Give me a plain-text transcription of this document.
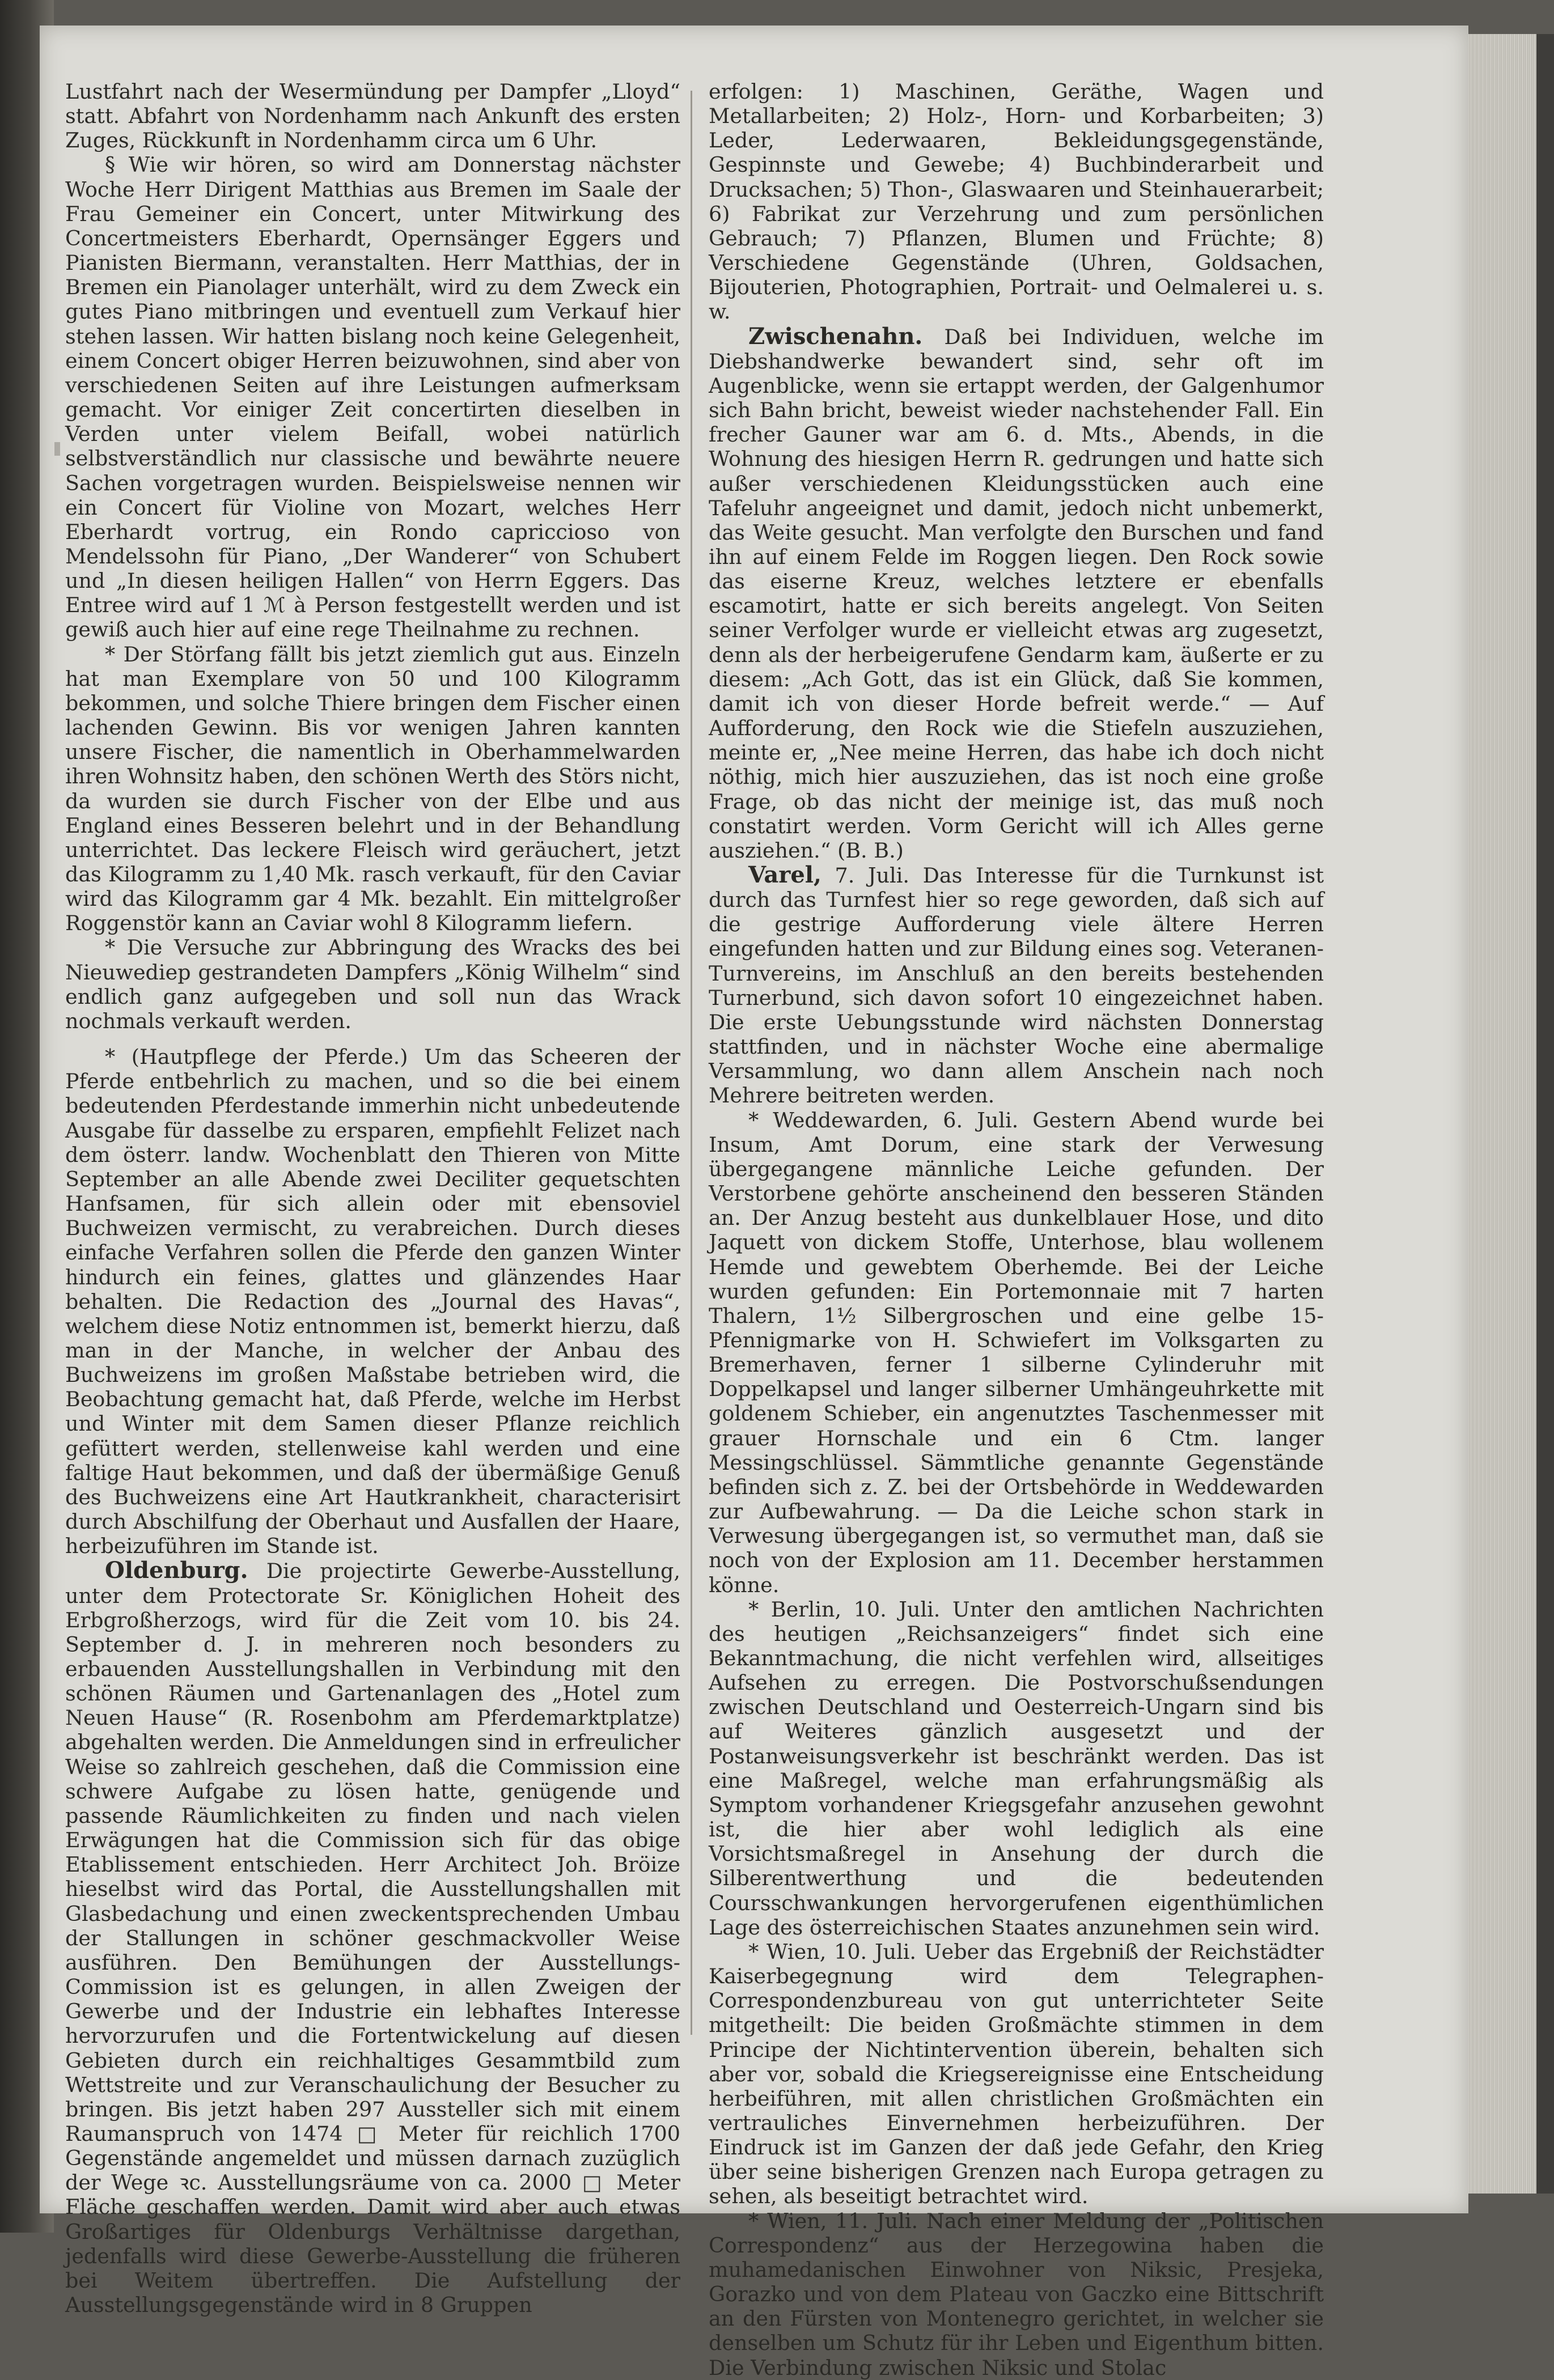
Lustfahrt nach der Wesermündung per Dampfer „Lloyd“ statt. Abfahrt von Nordenhamm nach Ankunft des ersten Zuges, Rückkunft in Nordenhamm circa um 6 Uhr.

§ Wie wir hören, so wird am Donnerstag nächster Woche Herr Dirigent Matthias aus Bremen im Saale der Frau Gemeiner ein Concert, unter Mitwirkung des Concertmeisters Eberhardt, Opernsänger Eggers und Pianisten Biermann, veranstalten. Herr Matthias, der in Bremen ein Pianolager unterhält, wird zu dem Zweck ein gutes Piano mitbringen und eventuell zum Verkauf hier stehen lassen. Wir hatten bislang noch keine Gelegenheit, einem Concert obiger Herren beizuwohnen, sind aber von verschiedenen Seiten auf ihre Leistungen aufmerksam gemacht. Vor einiger Zeit concertirten dieselben in Verden unter vielem Beifall, wobei natürlich selbstverständlich nur classische und bewährte neuere Sachen vorgetragen wurden. Beispielsweise nennen wir ein Concert für Violine von Mozart, welches Herr Eberhardt vortrug, ein Rondo capriccioso von Mendelssohn für Piano, „Der Wanderer“ von Schubert und „In diesen heiligen Hallen“ von Herrn Eggers. Das Entree wird auf 1 ℳ à Person festgestellt werden und ist gewiß auch hier auf eine rege Theilnahme zu rechnen.

* Der Störfang fällt bis jetzt ziemlich gut aus. Einzeln hat man Exemplare von 50 und 100 Kilogramm bekommen, und solche Thiere bringen dem Fischer einen lachenden Gewinn. Bis vor wenigen Jahren kannten unsere Fischer, die namentlich in Oberhammelwarden ihren Wohnsitz haben, den schönen Werth des Störs nicht, da wurden sie durch Fischer von der Elbe und aus England eines Besseren belehrt und in der Behandlung unterrichtet. Das leckere Fleisch wird geräuchert, jetzt das Kilogramm zu 1,40 Mk. rasch verkauft, für den Caviar wird das Kilogramm gar 4 Mk. bezahlt. Ein mittelgroßer Roggenstör kann an Caviar wohl 8 Kilogramm liefern.

* Die Versuche zur Abbringung des Wracks des bei Nieuwediep gestrandeten Dampfers „König Wilhelm“ sind endlich ganz aufgegeben und soll nun das Wrack nochmals verkauft werden.

* (Hautpflege der Pferde.) Um das Scheeren der Pferde entbehrlich zu machen, und so die bei einem bedeutenden Pferdestande immerhin nicht unbedeutende Ausgabe für dasselbe zu ersparen, empfiehlt Felizet nach dem österr. landw. Wochenblatt den Thieren von Mitte September an alle Abende zwei Deciliter gequetschten Hanfsamen, für sich allein oder mit ebensoviel Buchweizen vermischt, zu verabreichen. Durch dieses einfache Verfahren sollen die Pferde den ganzen Winter hindurch ein feines, glattes und glänzendes Haar behalten. Die Redaction des „Journal des Havas“, welchem diese Notiz entnommen ist, bemerkt hierzu, daß man in der Manche, in welcher der Anbau des Buchweizens im großen Maßstabe betrieben wird, die Beobachtung gemacht hat, daß Pferde, welche im Herbst und Winter mit dem Samen dieser Pflanze reichlich gefüttert werden, stellenweise kahl werden und eine faltige Haut bekommen, und daß der übermäßige Genuß des Buchweizens eine Art Hautkrankheit, characterisirt durch Abschilfung der Oberhaut und Ausfallen der Haare, herbeizuführen im Stande ist.

Oldenburg. Die projectirte Gewerbe-Ausstellung, unter dem Protectorate Sr. Königlichen Hoheit des Erbgroßherzogs, wird für die Zeit vom 10. bis 24. September d. J. in mehreren noch besonders zu erbauenden Ausstellungshallen in Verbindung mit den schönen Räumen und Gartenanlagen des „Hotel zum Neuen Hause“ (R. Rosenbohm am Pferdemarktplatze) abgehalten werden. Die Anmeldungen sind in erfreulicher Weise so zahlreich geschehen, daß die Commission eine schwere Aufgabe zu lösen hatte, genügende und passende Räumlichkeiten zu finden und nach vielen Erwägungen hat die Commission sich für das obige Etablissement entschieden. Herr Architect Joh. Bröize hieselbst wird das Portal, die Ausstellungshallen mit Glasbedachung und einen zweckentsprechenden Umbau der Stallungen in schöner geschmackvoller Weise ausführen. Den Bemühungen der Ausstellungs-Commission ist es gelungen, in allen Zweigen der Gewerbe und der Industrie ein lebhaftes Interesse hervorzurufen und die Fortentwickelung auf diesen Gebieten durch ein reichhaltiges Gesammtbild zum Wettstreite und zur Veranschaulichung der Besucher zu bringen. Bis jetzt haben 297 Aussteller sich mit einem Raumanspruch von 1474 □ Meter für reichlich 1700 Gegenstände angemeldet und müssen darnach zuzüglich der Wege ꝛc. Ausstellungsräume von ca. 2000 □ Meter Fläche geschaffen werden. Damit wird aber auch etwas Großartiges für Oldenburgs Verhältnisse dargethan, jedenfalls wird diese Gewerbe-Ausstellung die früheren bei Weitem übertreffen. Die Aufstellung der Ausstellungsgegenstände wird in 8 Gruppen

erfolgen: 1) Maschinen, Geräthe, Wagen und Metallarbeiten; 2) Holz-, Horn- und Korbarbeiten; 3) Leder, Lederwaaren, Bekleidungsgegenstände, Gespinnste und Gewebe; 4) Buchbinderarbeit und Drucksachen; 5) Thon-, Glaswaaren und Steinhauerarbeit; 6) Fabrikat zur Verzehrung und zum persönlichen Gebrauch; 7) Pflanzen, Blumen und Früchte; 8) Verschiedene Gegenstände (Uhren, Goldsachen, Bijouterien, Photographien, Portrait- und Oelmalerei u. s. w.

Zwischenahn. Daß bei Individuen, welche im Diebshandwerke bewandert sind, sehr oft im Augenblicke, wenn sie ertappt werden, der Galgenhumor sich Bahn bricht, beweist wieder nachstehender Fall. Ein frecher Gauner war am 6. d. Mts., Abends, in die Wohnung des hiesigen Herrn R. gedrungen und hatte sich außer verschiedenen Kleidungsstücken auch eine Tafeluhr angeeignet und damit, jedoch nicht unbemerkt, das Weite gesucht. Man verfolgte den Burschen und fand ihn auf einem Felde im Roggen liegen. Den Rock sowie das eiserne Kreuz, welches letztere er ebenfalls escamotirt, hatte er sich bereits angelegt. Von Seiten seiner Verfolger wurde er vielleicht etwas arg zugesetzt, denn als der herbeigerufene Gendarm kam, äußerte er zu diesem: „Ach Gott, das ist ein Glück, daß Sie kommen, damit ich von dieser Horde befreit werde.“ — Auf Aufforderung, den Rock wie die Stiefeln auszuziehen, meinte er, „Nee meine Herren, das habe ich doch nicht nöthig, mich hier auszuziehen, das ist noch eine große Frage, ob das nicht der meinige ist, das muß noch constatirt werden. Vorm Gericht will ich Alles gerne ausziehen.“ (B. B.)

Varel, 7. Juli. Das Interesse für die Turnkunst ist durch das Turnfest hier so rege geworden, daß sich auf die gestrige Aufforderung viele ältere Herren eingefunden hatten und zur Bildung eines sog. Veteranen-Turnvereins, im Anschluß an den bereits bestehenden Turnerbund, sich davon sofort 10 eingezeichnet haben. Die erste Uebungsstunde wird nächsten Donnerstag stattfinden, und in nächster Woche eine abermalige Versammlung, wo dann allem Anschein nach noch Mehrere beitreten werden.

* Weddewarden, 6. Juli. Gestern Abend wurde bei Insum, Amt Dorum, eine stark der Verwesung übergegangene männliche Leiche gefunden. Der Verstorbene gehörte anscheinend den besseren Ständen an. Der Anzug besteht aus dunkelblauer Hose, und dito Jaquett von dickem Stoffe, Unterhose, blau wollenem Hemde und gewebtem Oberhemde. Bei der Leiche wurden gefunden: Ein Portemonnaie mit 7 harten Thalern, 1½ Silbergroschen und eine gelbe 15-Pfennigmarke von H. Schwiefert im Volksgarten zu Bremerhaven, ferner 1 silberne Cylinderuhr mit Doppelkapsel und langer silberner Umhängeuhrkette mit goldenem Schieber, ein angenutztes Taschenmesser mit grauer Hornschale und ein 6 Ctm. langer Messingschlüssel. Sämmtliche genannte Gegenstände befinden sich z. Z. bei der Ortsbehörde in Weddewarden zur Aufbewahrung. — Da die Leiche schon stark in Verwesung übergegangen ist, so vermuthet man, daß sie noch von der Explosion am 11. December herstammen könne.

* Berlin, 10. Juli. Unter den amtlichen Nachrichten des heutigen „Reichsanzeigers“ findet sich eine Bekanntmachung, die nicht verfehlen wird, allseitiges Aufsehen zu erregen. Die Postvorschußsendungen zwischen Deutschland und Oesterreich-Ungarn sind bis auf Weiteres gänzlich ausgesetzt und der Postanweisungsverkehr ist beschränkt werden. Das ist eine Maßregel, welche man erfahrungsmäßig als Symptom vorhandener Kriegsgefahr anzusehen gewohnt ist, die hier aber wohl lediglich als eine Vorsichtsmaßregel in Ansehung der durch die Silberentwerthung und die bedeutenden Coursschwankungen hervorgerufenen eigenthümlichen Lage des österreichischen Staates anzunehmen sein wird.

* Wien, 10. Juli. Ueber das Ergebniß der Reichstädter Kaiserbegegnung wird dem Telegraphen-Correspondenzbureau von gut unterrichteter Seite mitgetheilt: Die beiden Großmächte stimmen in dem Principe der Nichtintervention überein, behalten sich aber vor, sobald die Kriegsereignisse eine Entscheidung herbeiführen, mit allen christlichen Großmächten ein vertrauliches Einvernehmen herbeizuführen. Der Eindruck ist im Ganzen der daß jede Gefahr, den Krieg über seine bisherigen Grenzen nach Europa getragen zu sehen, als beseitigt betrachtet wird.

* Wien, 11. Juli. Nach einer Meldung der „Politischen Correspondenz“ aus der Herzegowina haben die muhamedanischen Einwohner von Niksic, Presjeka, Gorazko und von dem Plateau von Gaczko eine Bittschrift an den Fürsten von Montenegro gerichtet, in welcher sie denselben um Schutz für ihr Leben und Eigenthum bitten. Die Verbindung zwischen Niksic und Stolac
